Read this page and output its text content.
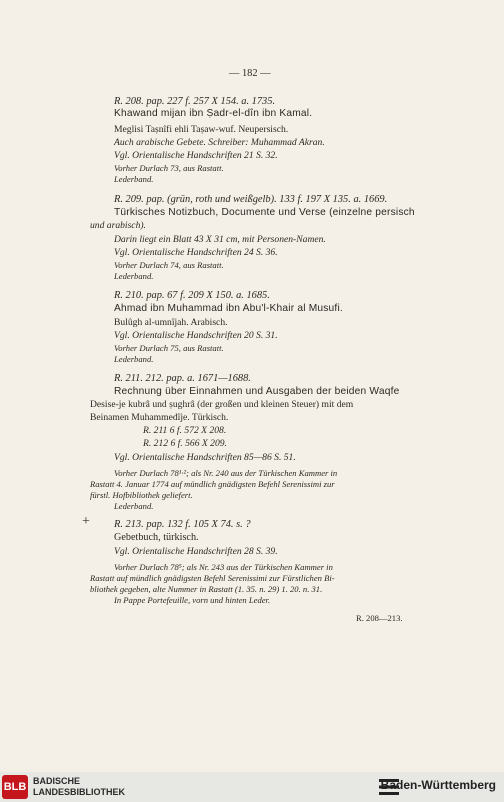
— 182 —
R. 208. pap. 227 f. 257 X 154. a. 1735.
Khawand mijan ibn Ṣadr-el-dîn ibn Kamal.
Meglisi Taṣnîfi ehli Taṣaw-wuf. Neupersisch.
Auch arabische Gebete. Schreiber: Muhammad Akran.
Vgl. Orientalische Handschriften 21 S. 32.
Vorher Durlach 73, aus Rastatt.
Lederband.
R. 209. pap. (grün, roth und weißgelb). 133 f. 197 X 135. a. 1669.
Türkisches Notizbuch, Documente und Verse (einzelne persisch
und arabisch).
Darin liegt ein Blatt 43 X 31 cm, mit Personen-Namen.
Vgl. Orientalische Handschriften 24 S. 36.
Vorher Durlach 74, aus Rastatt.
Lederband.
R. 210. pap. 67 f. 209 X 150. a. 1685.
Ahmad ibn Muhammad ibn Abu'l-Khair al Musufi.
Bulûgh al-umnîjah. Arabisch.
Vgl. Orientalische Handschriften 20 S. 31.
Vorher Durlach 75, aus Rastatt.
Lederband.
R. 211. 212. pap. a. 1671—1688.
Rechnung über Einnahmen und Ausgaben der beiden Waqfe
Desise-je kubrâ und ṣughrâ (der großen und kleinen Steuer) mit dem
Beinamen Muhammedîje. Türkisch.
R. 211 6 f. 572 X 208.
R. 212 6 f. 566 X 209.
Vgl. Orientalische Handschriften 85—86 S. 51.
Vorher Durlach 78¹·²; als Nr. 240 aus der Türkischen Kammer in
Rastatt 4. Januar 1774 auf mündlich gnädigsten Befehl Serenissimi zur
fürstl. Hofbibliothek geliefert.
Lederband.
+ R. 213. pap. 132 f. 105 X 74. s. ?
Gebetbuch, türkisch.
Vgl. Orientalische Handschriften 28 S. 39.
Vorher Durlach 78⁵; als Nr. 243 aus der Türkischen Kammer in
Rastatt auf mündlich gnädigsten Befehl Serenissimi zur Fürstlichen Bi-
bliothek gegeben, alte Nummer in Rastatt (1. 35. n. 29) 1. 20. n. 31.
In Pappe Portefeuille, vorn und hinten Leder.
R. 208—213.
BLB BADISCHE
LANDESBIBLIOTHEK	Baden-Württemberg
